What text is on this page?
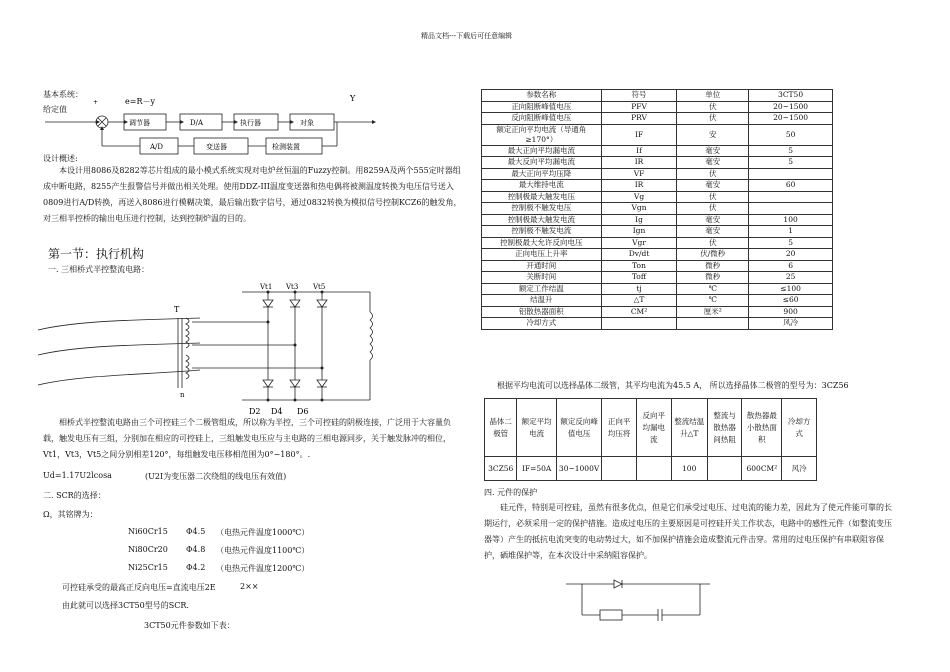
精品文档---下载后可任意编辑
基本系统：
给定值
+	e=R－y	Y
调节器	D/A	执行器	对象
A/D	变送器	检测装置
设计概述:
本设计用8086及8282等芯片组成的最小模式系统实现对电炉丝恒温的Fuzzy控制。用8259A及两个555定时器组成中断电路，8255产生报警信号并做出相关处理。使用DDZ-III温度变送器和热电偶将被测温度转换为电压信号送入0809进行A/D转换，再送入8086进行模糊决策，最后输出数字信号，通过0832转换为模拟信号控制KCZ6的触发角，对三相半控桥的输出电压进行控制，达到控制炉温的目的。
第一节：执行机构
一. 三相桥式半控整流电路：
T
n
Vt1 Vt3 Vt5
D2 D4 D6
相桥式半控整流电路由三个可控硅三个二极管组成，所以称为半控，三个可控硅的阴极连接，广泛用于大容量负载，触发电压有三组，分别加在相应的可控硅上，三组触发电压应与主电路的三相电源同步，关于触发脉冲的相位，Vt1，Vt3，Vt5之间分别相差120°，每组触发电压移相范围为0°~180°。.
Ud=1.17U2lcosa	(U2I为变压器二次绕组的线电压有效值)
二. SCR的选择：
Ω，其铭牌为：
Ni60Cr15 Φ4.5 （电热元件温度1000℃）
Ni80Cr20 Φ4.8 （电热元件温度1100℃）
Ni25Cr15 Φ4.2 （电热元件温度1200℃）
可控硅承受的最高正反向电压=直流电压2E	2××
由此就可以选择3CT50型号的SCR.
3CT50元件参数如下表：
参数名称	符号	单位	3CT50
正向阻断峰值电压	PFV	伏	20~1500
反向阻断峰值电压	PRV	伏	20~1500
额定正向平均电流（导通角≥170°）	IF	安	50
最大正向平均漏电流	If	毫安	5
最大反向平均漏电流	IR	毫安	5
最大正向平均压降	VF	伏	
最大维持电流	IR	毫安	60
控制极最大触发电压	Vg	伏	
控制极不触发电压	Vgn	伏	
控制极最大触发电流	Ig	毫安	100
控制极不触发电流	Ign	毫安	1
控制极最大允许反向电压	Vgr	伏	5
正向电压上升率	Dv/dt	伏/微秒	20
开通时间	Ton	微秒	6
关断时间	Toff	微秒	25
额定工作结温	tj	℃	≤100
结温升	△T	℃	≤60
铝散热器面积	CM²	厘米²	900
冷却方式			风冷
根据平均电流可以选择晶体二级管，其平均电流为45.5 A， 所以选择晶体二极管的型号为：3CZ56
晶体二极管	额定平均电流	额定反向峰值电压	正向平均压将	反向平均漏电流	整流结温升△T	整流与散热器间热阻	散热器最小散热面积	冷却方式
3CZ56	IF=50A	30~1000V			100		600CM²	风冷
四. 元件的保护
硅元件，特别是可控硅，虽然有很多优点，但是它们承受过电压、过电流的能力差，因此为了使元件能可靠的长期运行，必须采用一定的保护措施。造成过电压的主要原因是可控硅开关工作状态，电路中的感性元件（如整流变压器等）产生的抵抗电流突变的电动势过大，如不加保护措施会造成整流元件击穿。常用的过电压保护有串联阻容保护，硒堆保护等，在本次设计中采纳阻容保护。
